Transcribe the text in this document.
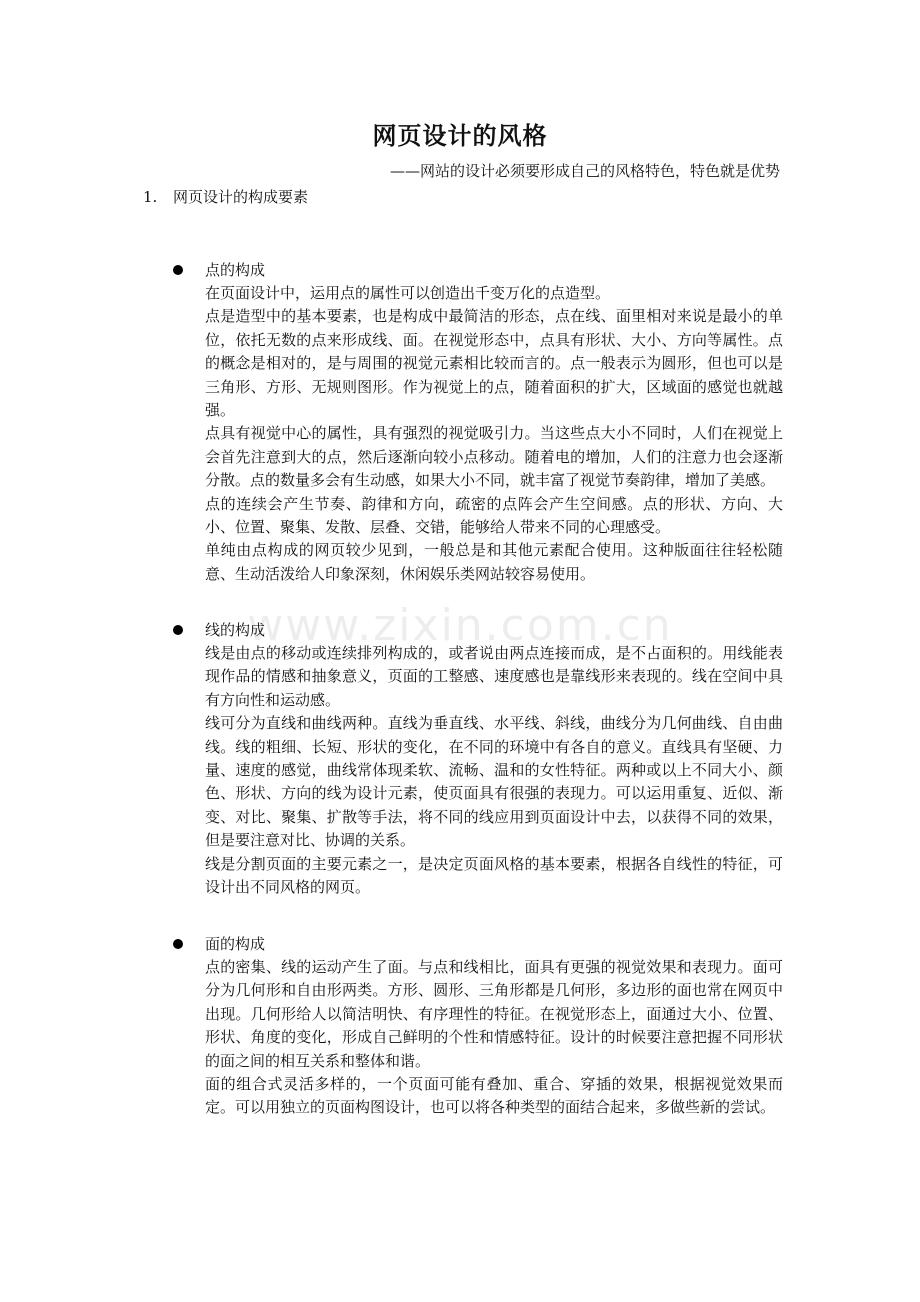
www.zixin.com.cn
网页设计的风格
——网站的设计必须要形成自己的风格特色，特色就是优势
1. 网页设计的构成要素
点的构成

在页面设计中，运用点的属性可以创造出千变万化的点造型。

点是造型中的基本要素，也是构成中最简洁的形态，点在线、面里相对来说是最小的单位，依托无数的点来形成线、面。在视觉形态中，点具有形状、大小、方向等属性。点的概念是相对的，是与周围的视觉元素相比较而言的。点一般表示为圆形，但也可以是三角形、方形、无规则图形。作为视觉上的点，随着面积的扩大，区域面的感觉也就越强。

点具有视觉中心的属性，具有强烈的视觉吸引力。当这些点大小不同时，人们在视觉上会首先注意到大的点，然后逐渐向较小点移动。随着电的增加，人们的注意力也会逐渐分散。点的数量多会有生动感，如果大小不同，就丰富了视觉节奏韵律，增加了美感。

点的连续会产生节奏、韵律和方向，疏密的点阵会产生空间感。点的形状、方向、大小、位置、聚集、发散、层叠、交错，能够给人带来不同的心理感受。

单纯由点构成的网页较少见到，一般总是和其他元素配合使用。这种版面往往轻松随意、生动活泼给人印象深刻，休闲娱乐类网站较容易使用。

线的构成

线是由点的移动或连续排列构成的，或者说由两点连接而成，是不占面积的。用线能表现作品的情感和抽象意义，页面的工整感、速度感也是靠线形来表现的。线在空间中具有方向性和运动感。

线可分为直线和曲线两种。直线为垂直线、水平线、斜线，曲线分为几何曲线、自由曲线。线的粗细、长短、形状的变化，在不同的环境中有各自的意义。直线具有坚硬、力量、速度的感觉，曲线常体现柔软、流畅、温和的女性特征。两种或以上不同大小、颜色、形状、方向的线为设计元素，使页面具有很强的表现力。可以运用重复、近似、渐变、对比、聚集、扩散等手法，将不同的线应用到页面设计中去，以获得不同的效果，但是要注意对比、协调的关系。

线是分割页面的主要元素之一，是决定页面风格的基本要素，根据各自线性的特征，可设计出不同风格的网页。

面的构成

点的密集、线的运动产生了面。与点和线相比，面具有更强的视觉效果和表现力。面可分为几何形和自由形两类。方形、圆形、三角形都是几何形，多边形的面也常在网页中出现。几何形给人以简洁明快、有序理性的特征。在视觉形态上，面通过大小、位置、形状、角度的变化，形成自己鲜明的个性和情感特征。设计的时候要注意把握不同形状的面之间的相互关系和整体和谐。

面的组合式灵活多样的，一个页面可能有叠加、重合、穿插的效果，根据视觉效果而定。可以用独立的页面构图设计，也可以将各种类型的面结合起来，多做些新的尝试。
